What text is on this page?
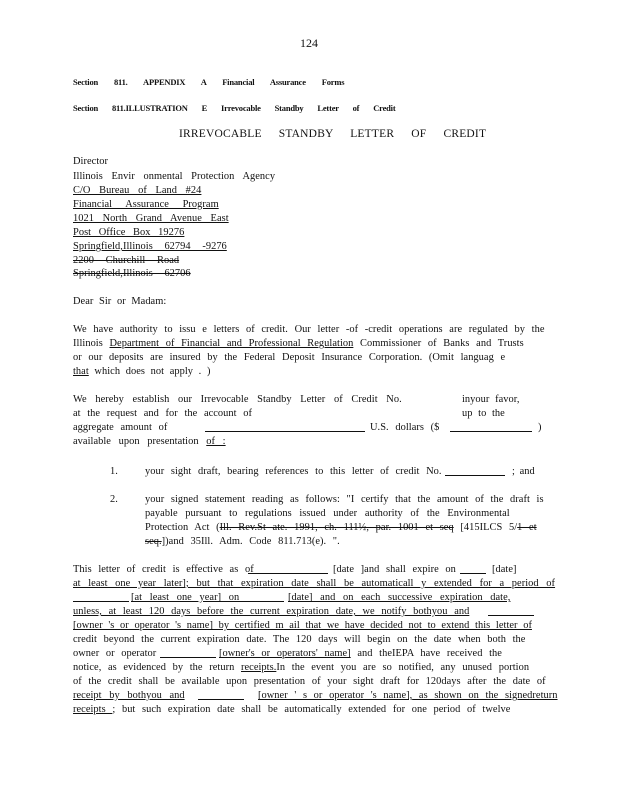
124
Section 811. APPENDIX A Financial Assurance Forms
Section 811.ILLUSTRATION E Irrevocable Standby Letter of Credit
IRREVOCABLE STANDBY LETTER OF CREDIT
Director
Illinois Envir onmental Protection Agency
C/O Bureau of Land #24
Financial Assurance Program
1021 North Grand Avenue East
Post Office Box 19276
Springfield,Illinois 62794 -9276
2200 Churchill Road
Springfield,Illinois 62706
Dear Sir or Madam:
We have authority to issu e letters of credit. Our letter -of -credit operations are regulated by the
Illinois Department of Financial and Professional Regulation Commissioner of Banks and Trusts
or our deposits are insured by the Federal Deposit Insurance Corporation. (Omit languag e
that which does not apply . )
We hereby establish our Irrevocable Standby Letter of Credit No.	inyour favor,
at the request and for the account of	up to the
aggregate amount of	U.S. dollars ($	)
available upon presentation of :
1.	your sight draft, bearing references to this letter of credit No.	; and
2.	your signed statement reading as follows: "I certify that the amount of the draft is
payable pursuant to regulations issued under authority of the Environmental
Protection Act (Ill. Rev.St ate. 1991, ch. 111½, par. 1001 et seq [415ILCS 5/1 et
seq.])and 35Ill. Adm. Code 811.713(e). ".
This letter of credit is effective as of	[date ]and shall expire on	[date]
at least one year later]; but that expiration date shall be automaticall y extended for a period of
[at least one year] on	[date] and on each successive expiration date,
unless, at least 120 days before the current expiration date, we notify bothyou and
[owner 's or operator 's name] by certified m ail that we have decided not to extend this letter of
credit beyond the current expiration date. The 120 days will begin on the date when both the
owner or operator	[owner's or operators' name] and theIEPA have received the
notice, as evidenced by the return receipts.In the event you are so notified, any unused portion
of the credit shall be available upon presentation of your sight draft for 120days after the date of
receipt by bothyou and	[owner ' s or operator 's name], as shown on the signedreturn
receipts ; but such expiration date shall be automatically extended for one period of twelve
